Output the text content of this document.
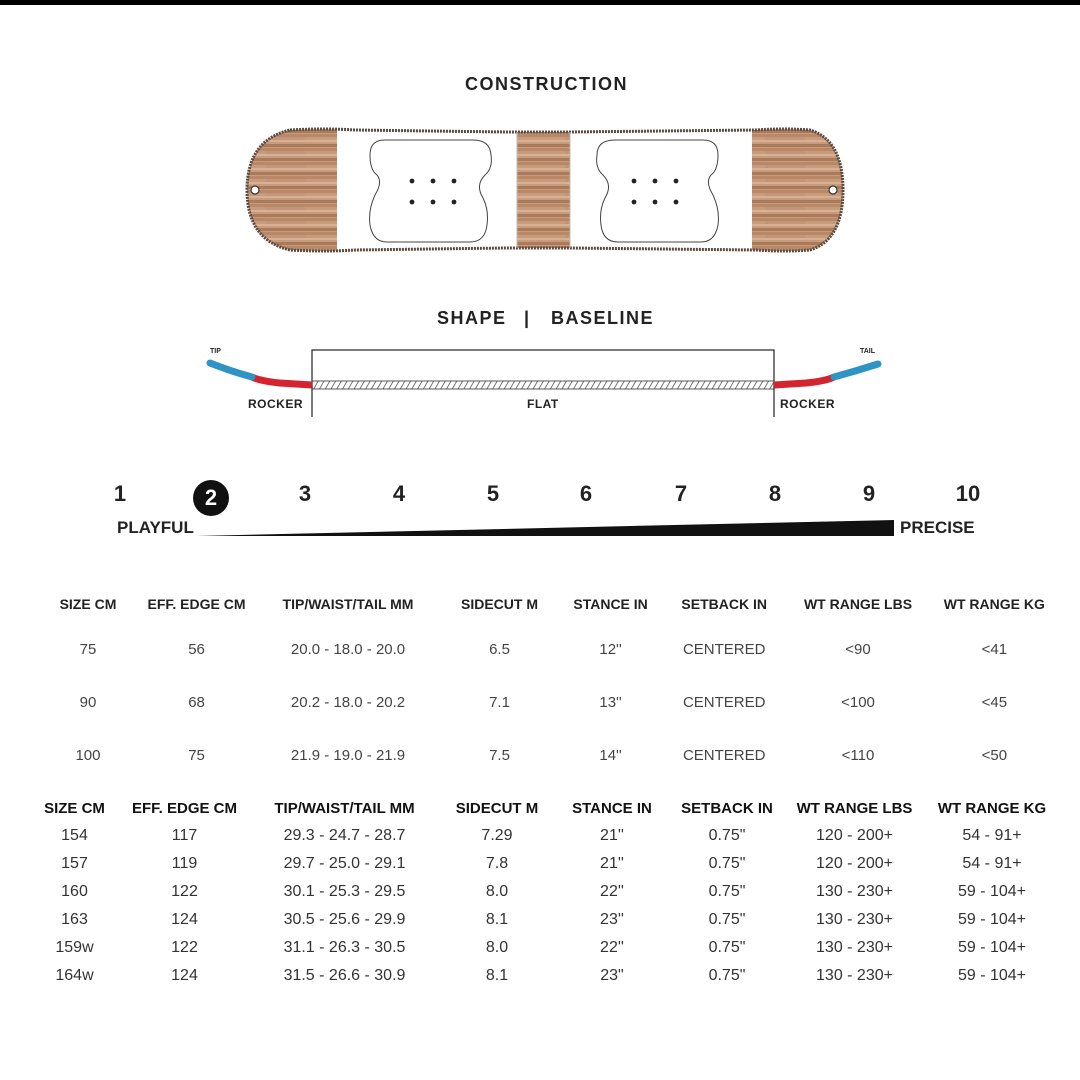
CONSTRUCTION
SHAPE | BASELINE
TIP	TAIL
ROCKER	FLAT	ROCKER
1	2	3	4	5	6	7	8	9	10
PLAYFUL	PRECISE
SIZE CM	EFF. EDGE CM	TIP/WAIST/TAIL MM	SIDECUT M	STANCE IN	SETBACK IN	WT RANGE LBS	WT RANGE KG
75	56	20.0 - 18.0 - 20.0	6.5	12''	CENTERED	<90	<41
90	68	20.2 - 18.0 - 20.2	7.1	13''	CENTERED	<100	<45
100	75	21.9 - 19.0 - 21.9	7.5	14''	CENTERED	<110	<50
SIZE CM	EFF. EDGE CM	TIP/WAIST/TAIL MM	SIDECUT M	STANCE IN	SETBACK IN	WT RANGE LBS	WT RANGE KG
154	117	29.3 - 24.7 - 28.7	7.29	21''	0.75"	120 - 200+	54 - 91+
157	119	29.7 - 25.0 - 29.1	7.8	21''	0.75"	120 - 200+	54 - 91+
160	122	30.1 - 25.3 - 29.5	8.0	22''	0.75"	130 - 230+	59 - 104+
163	124	30.5 - 25.6 - 29.9	8.1	23''	0.75"	130 - 230+	59 - 104+
159w	122	31.1 - 26.3 - 30.5	8.0	22''	0.75"	130 - 230+	59 - 104+
164w	124	31.5 - 26.6 - 30.9	8.1	23"	0.75"	130 - 230+	59 - 104+
